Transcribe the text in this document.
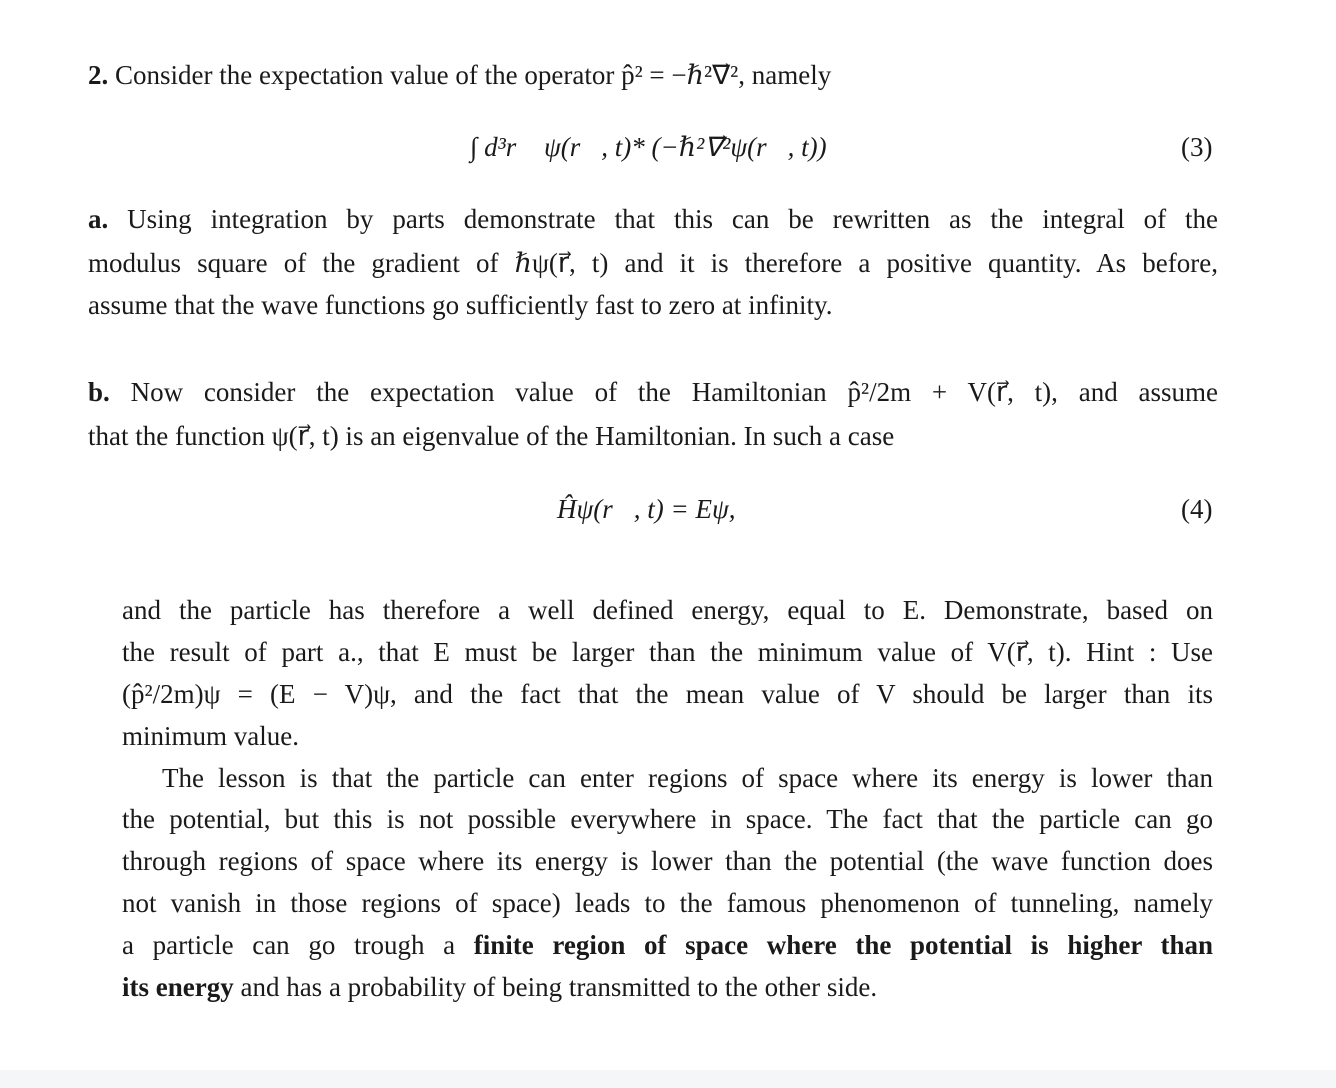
2. Consider the expectation value of the operator p̂² = −ℏ²∇⃗², namely
∫ d³r⃗ ψ(r⃗, t)* (−ℏ²∇⃗²ψ(r⃗, t))	(3)
a. Using integration by parts demonstrate that this can be rewritten as the integral of the
modulus square of the gradient of ℏψ(r⃗, t) and it is therefore a positive quantity. As before,
assume that the wave functions go sufficiently fast to zero at infinity.
b. Now consider the expectation value of the Hamiltonian p̂²/2m + V(r⃗, t), and assume
that the function ψ(r⃗, t) is an eigenvalue of the Hamiltonian. In such a case
Ĥψ(r⃗, t) = Eψ,	(4)
and the particle has therefore a well defined energy, equal to E. Demonstrate, based on
the result of part a., that E must be larger than the minimum value of V(r⃗, t). Hint : Use
(p̂²/2m)ψ = (E − V)ψ, and the fact that the mean value of V should be larger than its
minimum value.
The lesson is that the particle can enter regions of space where its energy is lower than
the potential, but this is not possible everywhere in space. The fact that the particle can go
through regions of space where its energy is lower than the potential (the wave function does
not vanish in those regions of space) leads to the famous phenomenon of tunneling, namely
a particle can go trough a finite region of space where the potential is higher than
its energy and has a probability of being transmitted to the other side.
